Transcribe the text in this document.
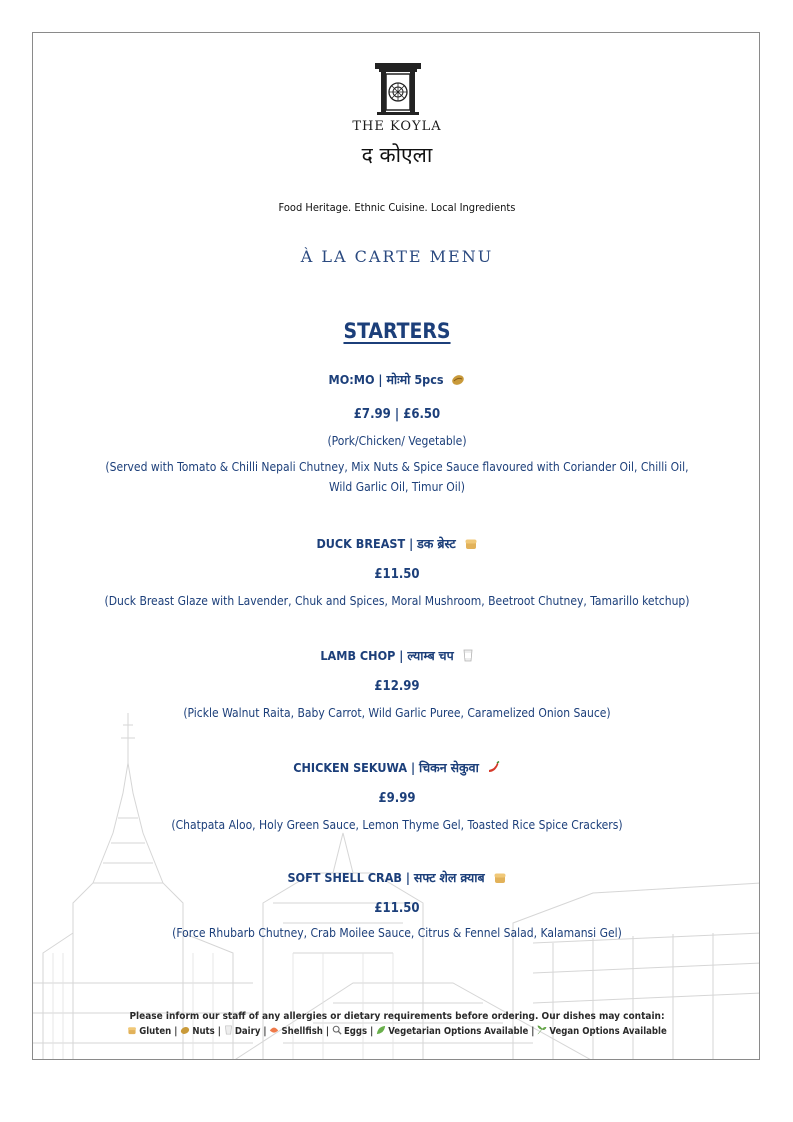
THE KOYLA
द कोएला
Food Heritage. Ethnic Cuisine. Local Ingredients
À LA CARTE MENU
STARTERS
MO:MO | मोःमो 5pcs
£7.99 | £6.50
(Pork/Chicken/ Vegetable)
(Served with Tomato & Chilli Nepali Chutney, Mix Nuts & Spice Sauce flavoured with Coriander Oil, Chilli Oil, Wild Garlic Oil, Timur Oil)
DUCK BREAST | डक ब्रेस्ट
£11.50
(Duck Breast Glaze with Lavender, Chuk and Spices, Moral Mushroom, Beetroot Chutney, Tamarillo ketchup)
LAMB CHOP | ल्याम्ब चप
£12.99
(Pickle Walnut Raita, Baby Carrot, Wild Garlic Puree, Caramelized Onion Sauce)
CHICKEN SEKUWA | चिकन सेकुवा
£9.99
(Chatpata Aloo, Holy Green Sauce, Lemon Thyme Gel, Toasted Rice Spice Crackers)
SOFT SHELL CRAB | सफ्ट शेल क्र्याब
£11.50
(Force Rhubarb Chutney, Crab Moilee Sauce, Citrus & Fennel Salad, Kalamansi Gel)
Please inform our staff of any allergies or dietary requirements before ordering. Our dishes may contain:
Gluten | Nuts | Dairy | Shellfish | Eggs | Vegetarian Options Available | Vegan Options Available
